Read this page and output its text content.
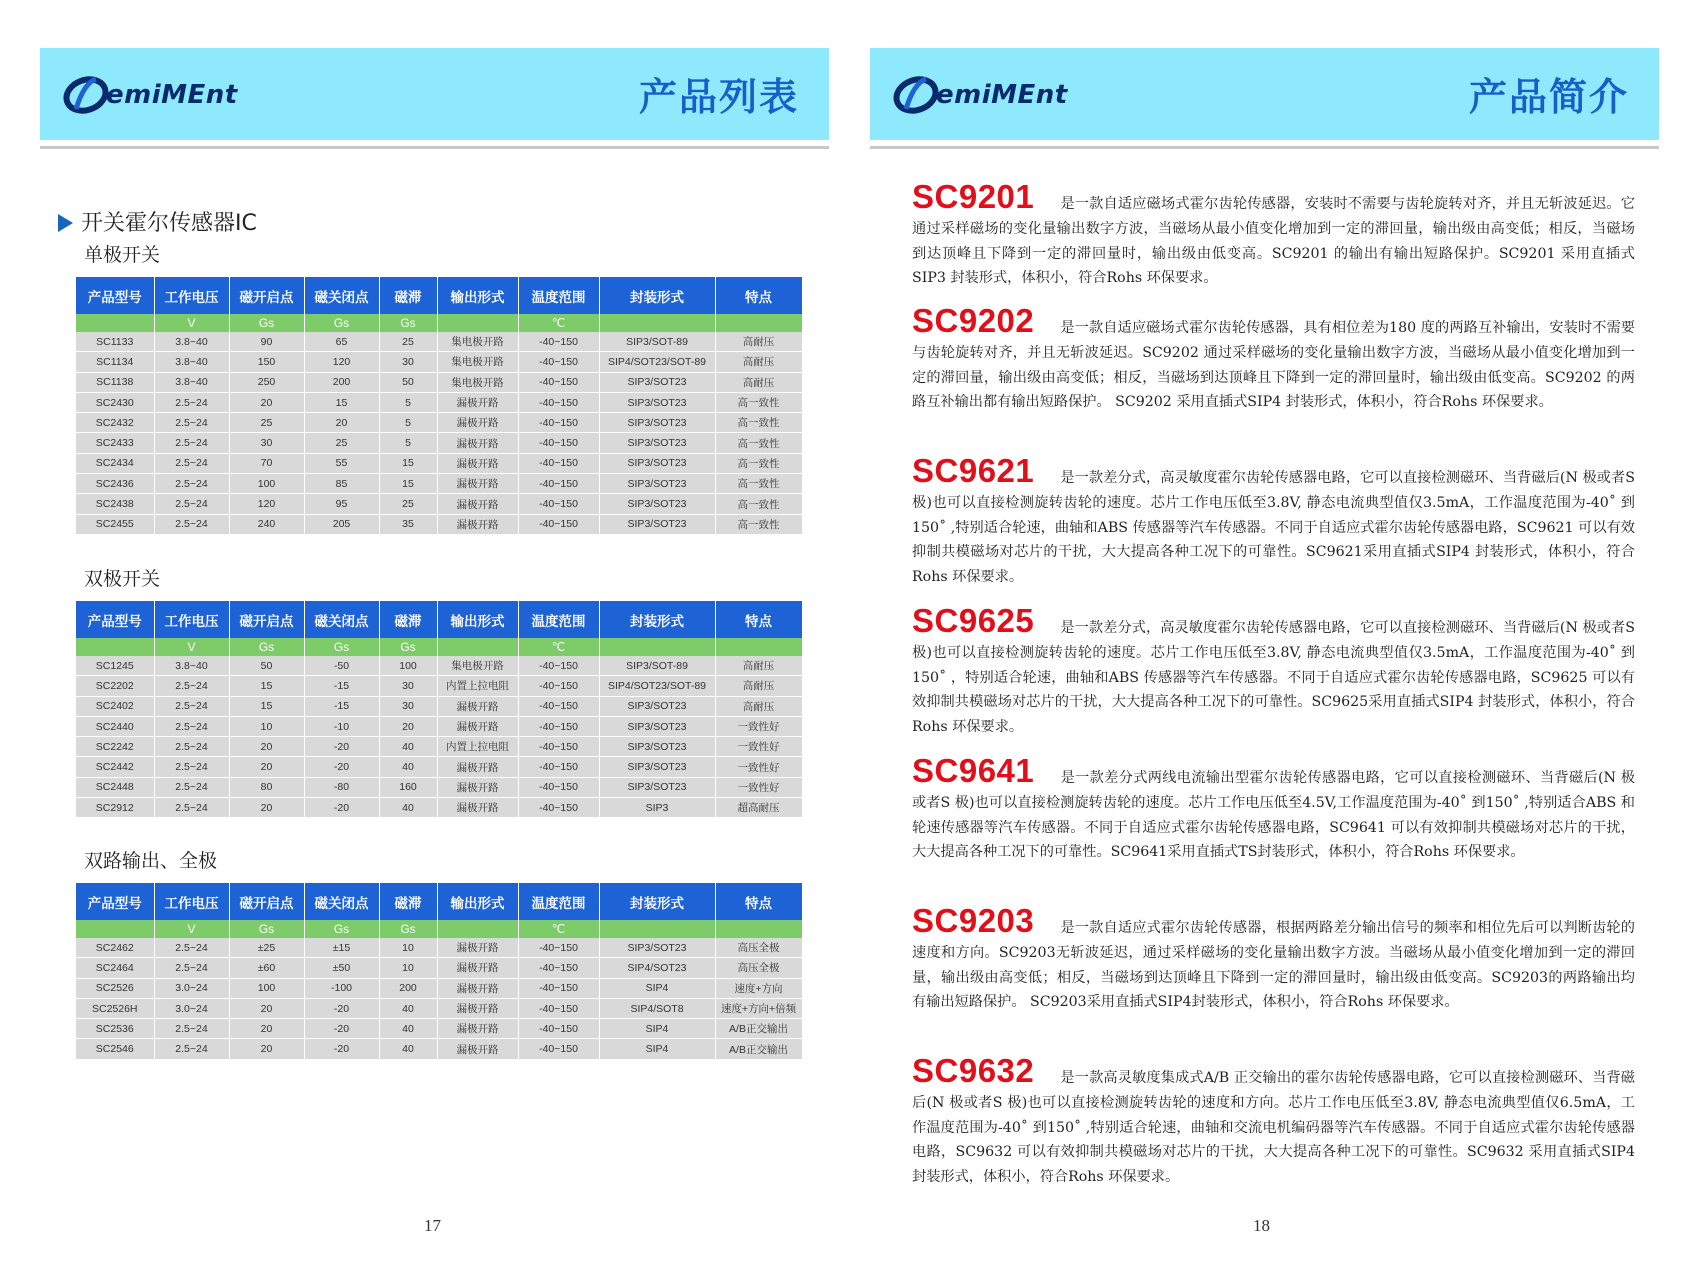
emiMEnt	产品列表
开关霍尔传感器IC
单极开关
产品型号	工作电压	磁开启点	磁关闭点	磁滞	输出形式	温度范围	封装形式	特点
	V	Gs	Gs	Gs		℃		
SC1133	3.8~40	90	65	25	集电极开路	-40~150	SIP3/SOT-89	高耐压
SC1134	3.8~40	150	120	30	集电极开路	-40~150	SIP4/SOT23/SOT-89	高耐压
SC1138	3.8~40	250	200	50	集电极开路	-40~150	SIP3/SOT23	高耐压
SC2430	2.5~24	20	15	5	漏极开路	-40~150	SIP3/SOT23	高一致性
SC2432	2.5~24	25	20	5	漏极开路	-40~150	SIP3/SOT23	高一致性
SC2433	2.5~24	30	25	5	漏极开路	-40~150	SIP3/SOT23	高一致性
SC2434	2.5~24	70	55	15	漏极开路	-40~150	SIP3/SOT23	高一致性
SC2436	2.5~24	100	85	15	漏极开路	-40~150	SIP3/SOT23	高一致性
SC2438	2.5~24	120	95	25	漏极开路	-40~150	SIP3/SOT23	高一致性
SC2455	2.5~24	240	205	35	漏极开路	-40~150	SIP3/SOT23	高一致性
双极开关
产品型号	工作电压	磁开启点	磁关闭点	磁滞	输出形式	温度范围	封装形式	特点
	V	Gs	Gs	Gs		℃		
SC1245	3.8~40	50	-50	100	集电极开路	-40~150	SIP3/SOT-89	高耐压
SC2202	2.5~24	15	-15	30	内置上拉电阻	-40~150	SIP4/SOT23/SOT-89	高耐压
SC2402	2.5~24	15	-15	30	漏极开路	-40~150	SIP3/SOT23	高耐压
SC2440	2.5~24	10	-10	20	漏极开路	-40~150	SIP3/SOT23	一致性好
SC2242	2.5~24	20	-20	40	内置上拉电阻	-40~150	SIP3/SOT23	一致性好
SC2442	2.5~24	20	-20	40	漏极开路	-40~150	SIP3/SOT23	一致性好
SC2448	2.5~24	80	-80	160	漏极开路	-40~150	SIP3/SOT23	一致性好
SC2912	2.5~24	20	-20	40	漏极开路	-40~150	SIP3	超高耐压
双路输出、全极
产品型号	工作电压	磁开启点	磁关闭点	磁滞	输出形式	温度范围	封装形式	特点
	V	Gs	Gs	Gs		℃		
SC2462	2.5~24	±25	±15	10	漏极开路	-40~150	SIP3/SOT23	高压全极
SC2464	2.5~24	±60	±50	10	漏极开路	-40~150	SIP4/SOT23	高压全极
SC2526	3.0~24	100	-100	200	漏极开路	-40~150	SIP4	速度+方向
SC2526H	3.0~24	20	-20	40	漏极开路	-40~150	SIP4/SOT8	速度+方向+倍频
SC2536	2.5~24	20	-20	40	漏极开路	-40~150	SIP4	A/B正交输出
SC2546	2.5~24	20	-20	40	漏极开路	-40~150	SIP4	A/B正交输出
17
emiMEnt	产品简介
SC9201 是一款自适应磁场式霍尔齿轮传感器，安装时不需要与齿轮旋转对齐，并且无斩波延迟。它通过采样磁场的变化量输出数字方波，当磁场从最小值变化增加到一定的滞回量，输出级由高变低；相反，当磁场到达顶峰且下降到一定的滞回量时，输出级由低变高。SC9201 的输出有输出短路保护。SC9201 采用直插式SIP3 封装形式，体积小，符合Rohs 环保要求。
SC9202 是一款自适应磁场式霍尔齿轮传感器，具有相位差为180 度的两路互补输出，安装时不需要与齿轮旋转对齐，并且无斩波延迟。SC9202 通过采样磁场的变化量输出数字方波，当磁场从最小值变化增加到一定的滞回量，输出级由高变低；相反，当磁场到达顶峰且下降到一定的滞回量时，输出级由低变高。SC9202 的两路互补输出都有输出短路保护。 SC9202 采用直插式SIP4 封装形式，体积小，符合Rohs 环保要求。
SC9621 是一款差分式，高灵敏度霍尔齿轮传感器电路，它可以直接检测磁环、当背磁后(N 极或者S极)也可以直接检测旋转齿轮的速度。芯片工作电压低至3.8V, 静态电流典型值仅3.5mA，工作温度范围为-40˚ 到150˚ ,特别适合轮速，曲轴和ABS 传感器等汽车传感器。不同于自适应式霍尔齿轮传感器电路，SC9621 可以有效抑制共模磁场对芯片的干扰，大大提高各种工况下的可靠性。SC9621采用直插式SIP4 封装形式，体积小，符合Rohs 环保要求。
SC9625 是一款差分式，高灵敏度霍尔齿轮传感器电路，它可以直接检测磁环、当背磁后(N 极或者S极)也可以直接检测旋转齿轮的速度。芯片工作电压低至3.8V, 静态电流典型值仅3.5mA，工作温度范围为-40˚ 到150˚ ，特别适合轮速，曲轴和ABS 传感器等汽车传感器。不同于自适应式霍尔齿轮传感器电路，SC9625 可以有效抑制共模磁场对芯片的干扰，大大提高各种工况下的可靠性。SC9625采用直插式SIP4 封装形式，体积小，符合Rohs 环保要求。
SC9641 是一款差分式两线电流输出型霍尔齿轮传感器电路，它可以直接检测磁环、当背磁后(N 极或者S 极)也可以直接检测旋转齿轮的速度。芯片工作电压低至4.5V,工作温度范围为-40˚ 到150˚ ,特别适合ABS 和轮速传感器等汽车传感器。不同于自适应式霍尔齿轮传感器电路，SC9641 可以有效抑制共模磁场对芯片的干扰，大大提高各种工况下的可靠性。SC9641采用直插式TS封装形式，体积小，符合Rohs 环保要求。
SC9203 是一款自适应式霍尔齿轮传感器，根据两路差分输出信号的频率和相位先后可以判断齿轮的速度和方向。SC9203无斩波延迟，通过采样磁场的变化量输出数字方波。当磁场从最小值变化增加到一定的滞回量，输出级由高变低；相反，当磁场到达顶峰且下降到一定的滞回量时，输出级由低变高。SC9203的两路输出均有输出短路保护。 SC9203采用直插式SIP4封装形式，体积小，符合Rohs 环保要求。
SC9632 是一款高灵敏度集成式A/B 正交输出的霍尔齿轮传感器电路，它可以直接检测磁环、当背磁后(N 极或者S 极)也可以直接检测旋转齿轮的速度和方向。芯片工作电压低至3.8V, 静态电流典型值仅6.5mA，工作温度范围为-40˚ 到150˚ ,特别适合轮速，曲轴和交流电机编码器等汽车传感器。不同于自适应式霍尔齿轮传感器电路，SC9632 可以有效抑制共模磁场对芯片的干扰，大大提高各种工况下的可靠性。SC9632 采用直插式SIP4 封装形式，体积小，符合Rohs 环保要求。
18
